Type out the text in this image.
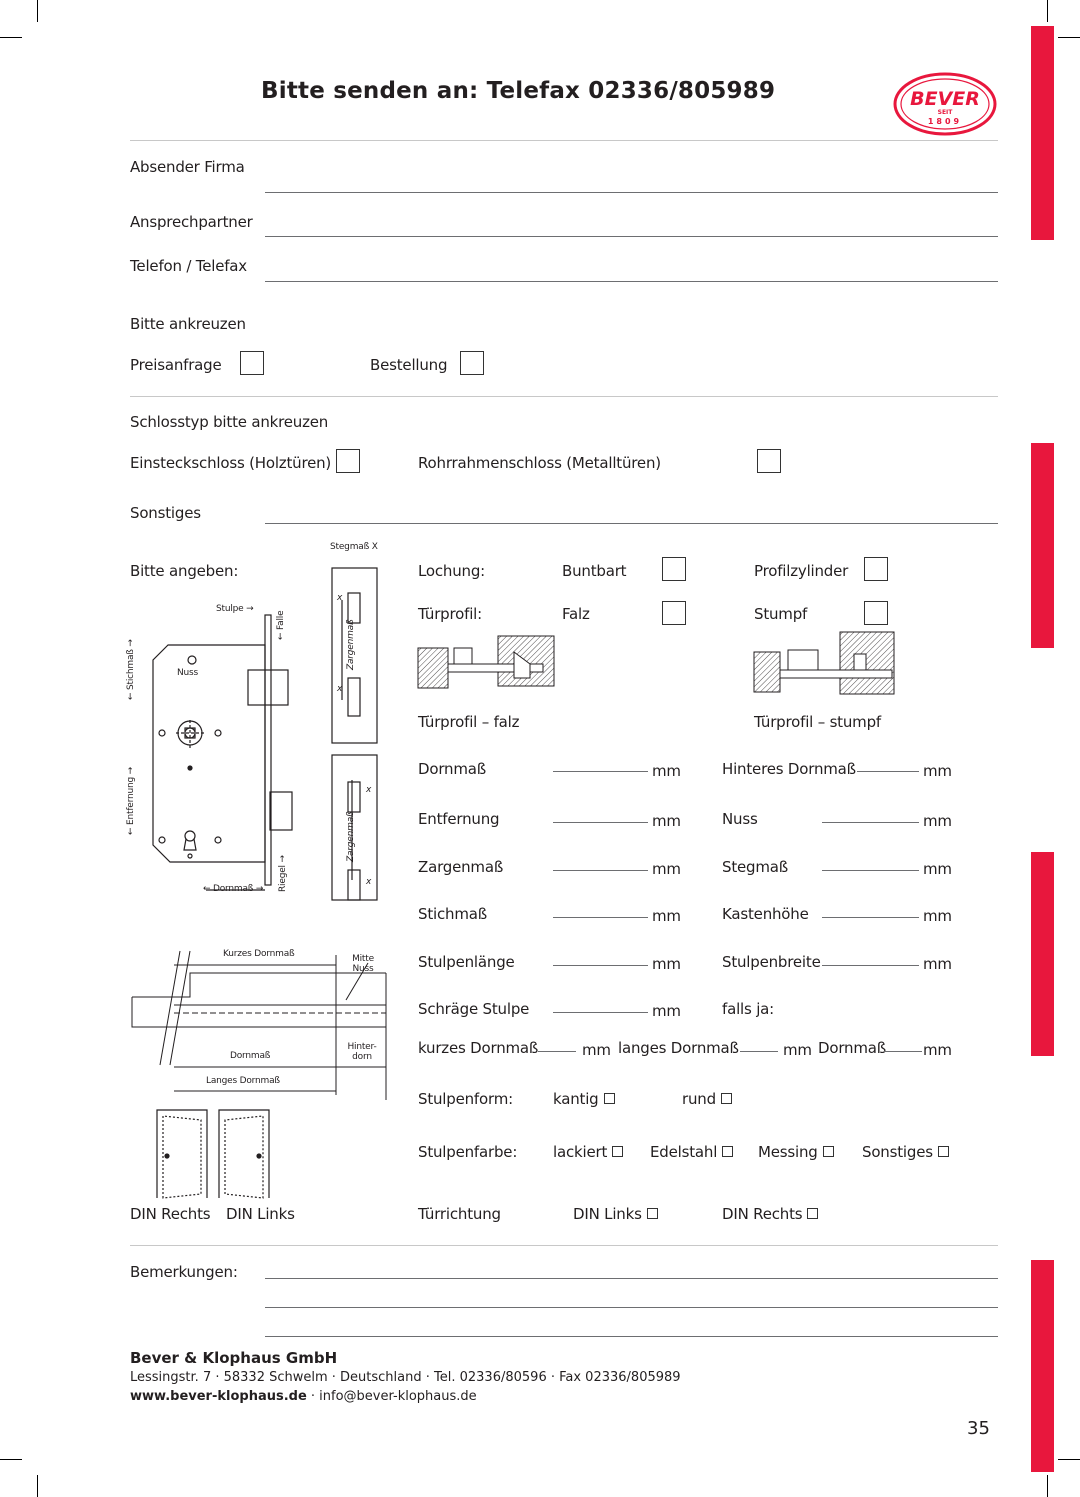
Bitte senden an: Telefax 02336/805989	BEVER
SEIT
1809
Absender Firma
Ansprechpartner
Telefon / Telefax
Bitte ankreuzen
Preisanfrage	Bestellung
Schlosstyp bitte ankreuzen
Einsteckschloss (Holztüren)	Rohrrahmenschloss (Metalltüren)
Sonstiges
Bitte angeben:
Stegmaß X
Stulpe →
← Falle
← Stichmaß →	Nuss
← Entfernung →
Riegel →
← Dornmaß →
Zargenmaß
Zargenmaß
x
x
x
x
Kurzes Dornmaß	Mitte Nuss
Dornmaß
Hinter- dorn
Langes Dornmaß
DIN Rechts DIN Links
Lochung:	Buntbart	Profilzylinder
Türprofil:	Falz	Stumpf
Türprofil – falz	Türprofil – stumpf
Dornmaß	mm	Hinteres Dornmaß	mm
Entfernung	mm	Nuss	mm
Zargenmaß	mm	Stegmaß	mm
Stichmaß	mm	Kastenhöhe	mm
Stulpenlänge	mm	Stulpenbreite	mm
Schräge Stulpe	mm	falls ja:
kurzes Dornmaß	mm langes Dornmaß	mm Dornmaß mm
Stulpenform:	kantig	rund
Stulpenfarbe: lackiert	Edelstahl	Messing	Sonstiges
Türrichtung	DIN Links	DIN Rechts
Bemerkungen:
Bever & Klophaus GmbH
Lessingstr. 7 · 58332 Schwelm · Deutschland · Tel. 02336/80596 · Fax 02336/805989
www.bever-klophaus.de · info@bever-klophaus.de
35
